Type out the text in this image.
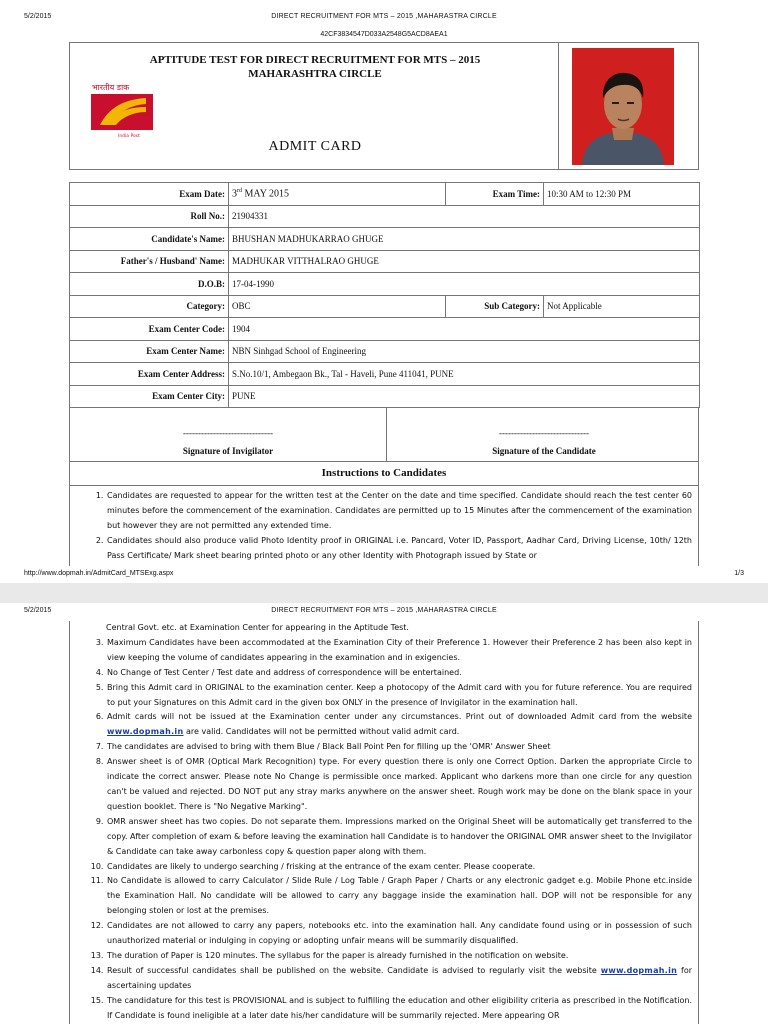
5/2/2015	DIRECT RECRUITMENT FOR MTS – 2015 ,MAHARASTRA CIRCLE
42CF3834547D033A2548G5ACD8AEA1
APTITUDE TEST FOR DIRECT RECRUITMENT FOR MTS – 2015
MAHARASHTRA CIRCLE
भारतीय डाक
India Post
ADMIT CARD
Exam Date:	3rd MAY 2015	Exam Time:	10:30 AM to 12:30 PM
Roll No.:	21904331		
Candidate's Name:	BHUSHAN MADHUKARRAO GHUGE		
Father's / Husband' Name:	MADHUKAR VITTHALRAO GHUGE		
D.O.B:	17-04-1990		
Category:	OBC	Sub Category:	Not Applicable
Exam Center Code:	1904		
Exam Center Name:	NBN Sinhgad School of Engineering		
Exam Center Address:	S.No.10/1, Ambegaon Bk., Tal - Haveli, Pune 411041, PUNE		
Exam Center City:	PUNE		
------------------------------
Signature of Invigilator
------------------------------
Signature of the Candidate
Instructions to Candidates
1. Candidates are requested to appear for the written test at the Center on the date and time specified. Candidate should reach the test center 60 minutes before the commencement of the examination. Candidates are permitted up to 15 Minutes after the commencement of the examination but however they are not permitted any extended time.
2. Candidates should also produce valid Photo Identity proof in ORIGINAL i.e. Pancard, Voter ID, Passport, Aadhar Card, Driving License, 10th/ 12th Pass Certificate/ Mark sheet bearing printed photo or any other Identity with Photograph issued by State or
http://www.dopmah.in/AdmitCard_MTSExg.aspx	1/3
5/2/2015	DIRECT RECRUITMENT FOR MTS – 2015 ,MAHARASTRA CIRCLE
Central Govt. etc. at Examination Center for appearing in the Aptitude Test.
3. Maximum Candidates have been accommodated at the Examination City of their Preference 1. However their Preference 2 has been also kept in view keeping the volume of candidates appearing in the examination and in exigencies.
4. No Change of Test Center / Test date and address of correspondence will be entertained.
5. Bring this Admit card in ORIGINAL to the examination center. Keep a photocopy of the Admit card with you for future reference. You are required to put your Signatures on this Admit card in the given box ONLY in the presence of Invigilator in the examination hall.
6. Admit cards will not be issued at the Examination center under any circumstances. Print out of downloaded Admit card from the website www.dopmah.in are valid. Candidates will not be permitted without valid admit card.
7. The candidates are advised to bring with them Blue / Black Ball Point Pen for filling up the 'OMR' Answer Sheet
8. Answer sheet is of OMR (Optical Mark Recognition) type. For every question there is only one Correct Option. Darken the appropriate Circle to indicate the correct answer. Please note No Change is permissible once marked. Applicant who darkens more than one circle for any question can't be valued and rejected. DO NOT put any stray marks anywhere on the answer sheet. Rough work may be done on the blank space in your question booklet. There is "No Negative Marking".
9. OMR answer sheet has two copies. Do not separate them. Impressions marked on the Original Sheet will be automatically get transferred to the copy. After completion of exam & before leaving the examination hall Candidate is to handover the ORIGINAL OMR answer sheet to the Invigilator & Candidate can take away carbonless copy & question paper along with them.
10. Candidates are likely to undergo searching / frisking at the entrance of the exam center. Please cooperate.
11. No Candidate is allowed to carry Calculator / Slide Rule / Log Table / Graph Paper / Charts or any electronic gadget e.g. Mobile Phone etc.inside the Examination Hall. No candidate will be allowed to carry any baggage inside the examination hall. DOP will not be responsible for any belonging stolen or lost at the premises.
12. Candidates are not allowed to carry any papers, notebooks etc. into the examination hall. Any candidate found using or in possession of such unauthorized material or indulging in copying or adopting unfair means will be summarily disqualified.
13. The duration of Paper is 120 minutes. The syllabus for the paper is already furnished in the notification on website.
14. Result of successful candidates shall be published on the website. Candidate is advised to regularly visit the website www.dopmah.in for ascertaining updates
15. The candidature for this test is PROVISIONAL and is subject to fulfilling the education and other eligibility criteria as prescribed in the Notification. If Candidate is found ineligible at a later date his/her candidature will be summarily rejected. Mere appearing OR
